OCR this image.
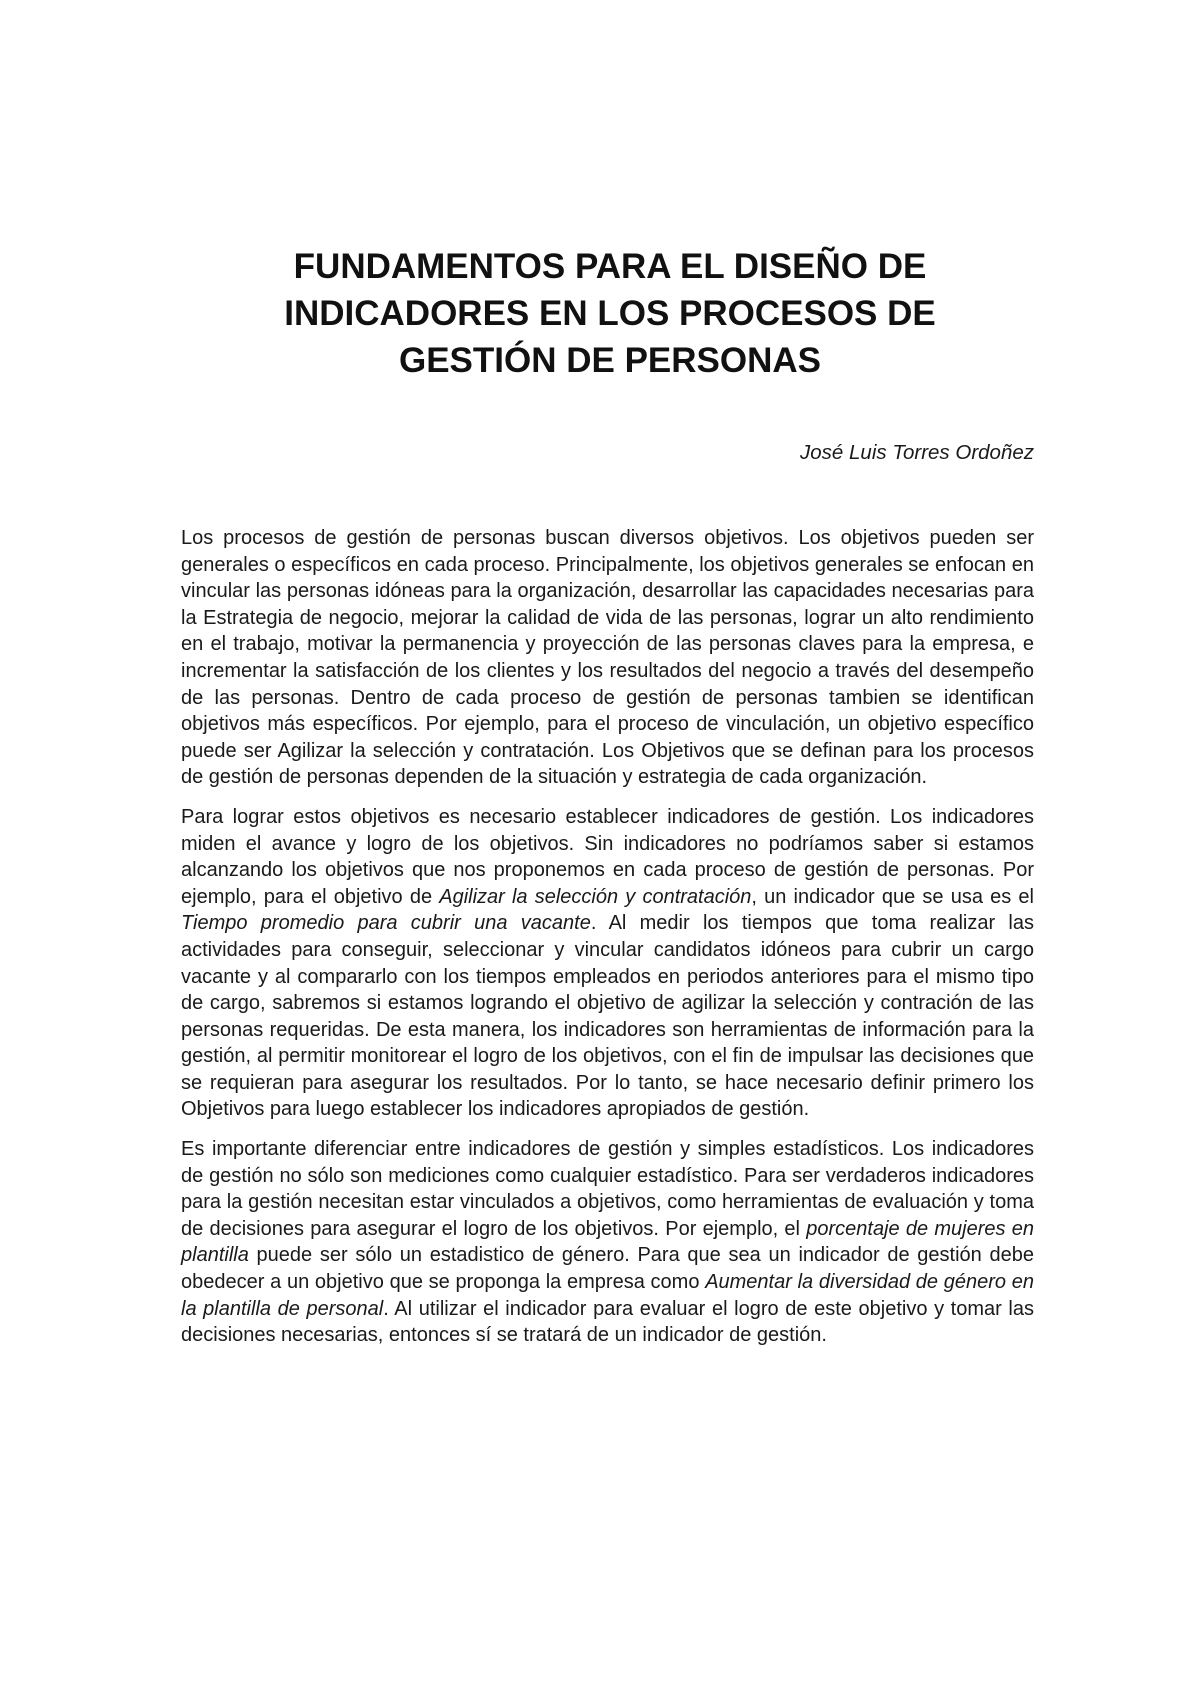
FUNDAMENTOS PARA EL DISEÑO DE
INDICADORES EN LOS PROCESOS DE
GESTIÓN DE PERSONAS

José Luis Torres Ordoñez

Los procesos de gestión de personas buscan diversos objetivos. Los objetivos pueden ser generales o específicos en cada proceso. Principalmente, los objetivos generales se enfocan en vincular las personas idóneas para la organización, desarrollar las capacidades necesarias para la Estrategia de negocio, mejorar la calidad de vida de las personas, lograr un alto rendimiento en el trabajo, motivar la permanencia y proyección de las personas claves para la empresa, e incrementar la satisfacción de los clientes y los resultados del negocio a través del desempeño de las personas. Dentro de cada proceso de gestión de personas tambien se identifican objetivos más específicos. Por ejemplo, para el proceso de vinculación, un objetivo específico puede ser Agilizar la selección y contratación. Los Objetivos que se definan para los procesos de gestión de personas dependen de la situación y estrategia de cada organización.

Para lograr estos objetivos es necesario establecer indicadores de gestión. Los indicadores miden el avance y logro de los objetivos. Sin indicadores no podríamos saber si estamos alcanzando los objetivos que nos proponemos en cada proceso de gestión de personas. Por ejemplo, para el objetivo de Agilizar la selección y contratación, un indicador que se usa es el Tiempo promedio para cubrir una vacante. Al medir los tiempos que toma realizar las actividades para conseguir, seleccionar y vincular candidatos idóneos para cubrir un cargo vacante y al compararlo con los tiempos empleados en periodos anteriores para el mismo tipo de cargo, sabremos si estamos logrando el objetivo de agilizar la selección y contración de las personas requeridas. De esta manera, los indicadores son herramientas de información para la gestión, al permitir monitorear el logro de los objetivos, con el fin de impulsar las decisiones que se requieran para asegurar los resultados. Por lo tanto, se hace necesario definir primero los Objetivos para luego establecer los indicadores apropiados de gestión.

Es importante diferenciar entre indicadores de gestión y simples estadísticos. Los indicadores de gestión no sólo son mediciones como cualquier estadístico. Para ser verdaderos indicadores para la gestión necesitan estar vinculados a objetivos, como herramientas de evaluación y toma de decisiones para asegurar el logro de los objetivos. Por ejemplo, el porcentaje de mujeres en plantilla puede ser sólo un estadistico de género. Para que sea un indicador de gestión debe obedecer a un objetivo que se proponga la empresa como Aumentar la diversidad de género en la plantilla de personal. Al utilizar el indicador para evaluar el logro de este objetivo y tomar las decisiones necesarias, entonces sí se tratará de un indicador de gestión.
